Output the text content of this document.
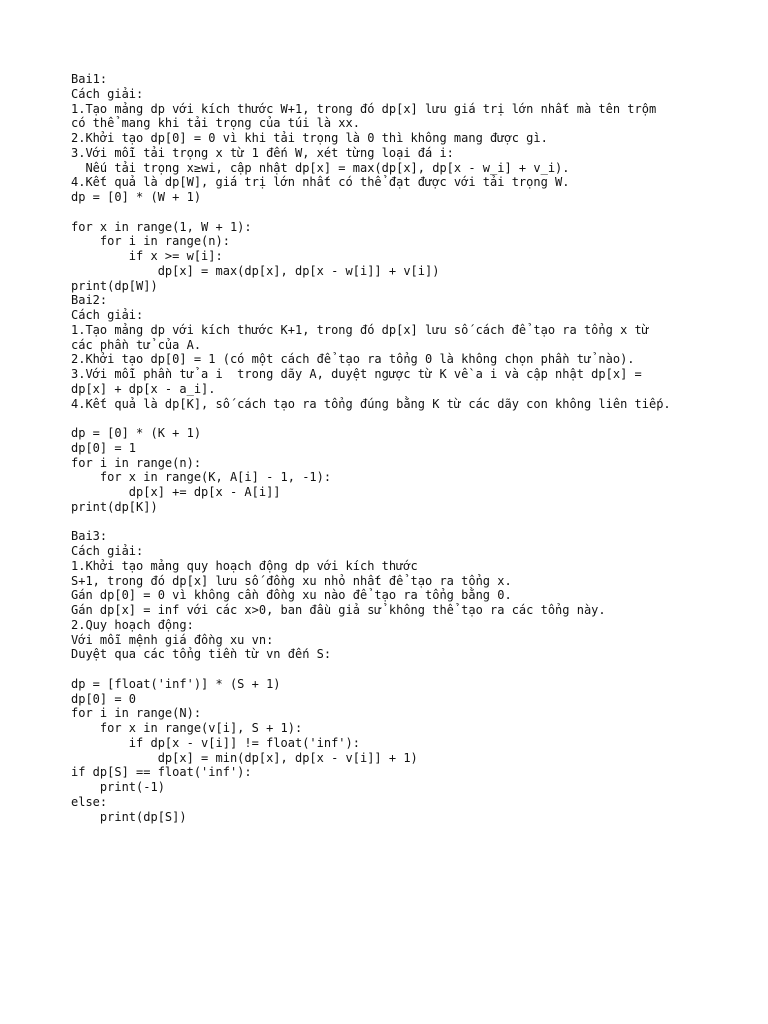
Bai1:
Cách giải:
1.Tạo mảng dp với kích thước W+1, trong đó dp[x] lưu giá trị lớn nhất mà tên trộm
có thể mang khi tải trọng của túi là xx.
2.Khởi tạo dp[0] = 0 vì khi tải trọng là 0 thì không mang được gì.
3.Với mỗi tải trọng x từ 1 đến W, xét từng loại đá i:
Nếu tải trọng x≥wi, cập nhật dp[x] = max(dp[x], dp[x - w_i] + v_i).
4.Kết quả là dp[W], giá trị lớn nhất có thể đạt được với tải trọng W.
dp = [0] * (W + 1)
for x in range(1, W + 1):
for i in range(n):
if x >= w[i]:
dp[x] = max(dp[x], dp[x - w[i]] + v[i])
print(dp[W])
Bai2:
Cách giải:
1.Tạo mảng dp với kích thước K+1, trong đó dp[x] lưu số cách để tạo ra tổng x từ
các phần tử của A.
2.Khởi tạo dp[0] = 1 (có một cách để tạo ra tổng 0 là không chọn phần tử nào).
3.Với mỗi phần tử a i  trong dãy A, duyệt ngược từ K về a i và cập nhật dp[x] =
dp[x] + dp[x - a_i].
4.Kết quả là dp[K], số cách tạo ra tổng đúng bằng K từ các dãy con không liên tiếp.
dp = [0] * (K + 1)
dp[0] = 1
for i in range(n):
for x in range(K, A[i] - 1, -1):
dp[x] += dp[x - A[i]]
print(dp[K])
Bai3:
Cách giải:
1.Khởi tạo mảng quy hoạch động dp với kích thước
S+1, trong đó dp[x] lưu số đồng xu nhỏ nhất để tạo ra tổng x.
Gán dp[0] = 0 vì không cần đồng xu nào để tạo ra tổng bằng 0.
Gán dp[x] = inf với các x>0, ban đầu giả sử không thể tạo ra các tổng này.
2.Quy hoạch động:
Với mỗi mệnh giá đồng xu vn:
Duyệt qua các tổng tiền từ vn đến S:
dp = [float('inf')] * (S + 1)
dp[0] = 0
for i in range(N):
for x in range(v[i], S + 1):
if dp[x - v[i]] != float('inf'):
dp[x] = min(dp[x], dp[x - v[i]] + 1)
if dp[S] == float('inf'):
print(-1)
else:
print(dp[S])
